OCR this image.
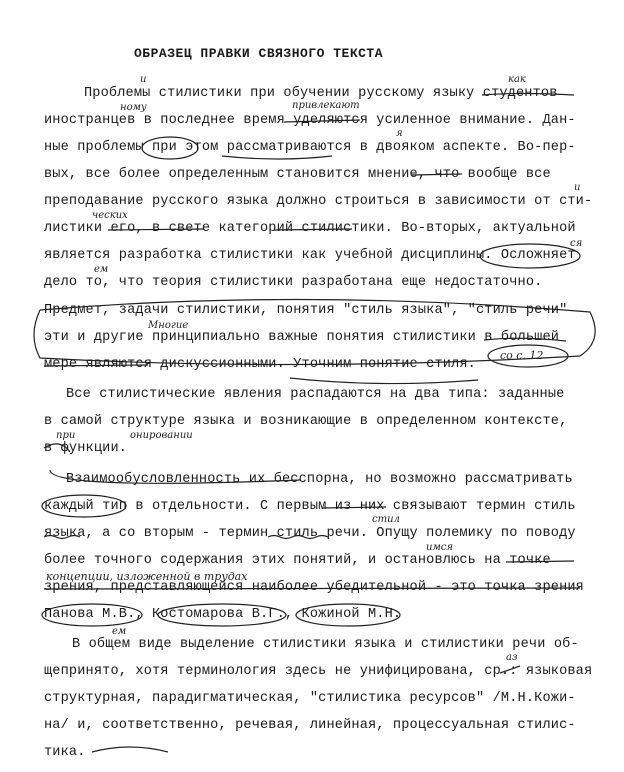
ОБРАЗЕЦ ПРАВКИ СВЯЗНОГО ТЕКСТА
Проблемы стилистики при обучении русскому языку студентов
иностранцев в последнее время уделяются усиленное внимание. Дан-
ные проблемы при этом рассматриваются в двояком аспекте. Во-пер-
вых, все более определенным становится мнение, что вообще все
преподавание русского языка должно строиться в зависимости от сти-
листики его, в свете категорий стилистики. Во-вторых, актуальной
является разработка стилистики как учебной дисциплины. Осложняет
дело то, что теория стилистики разработана еще недостаточно.
Предмет, задачи стилистики, понятия "стиль языка", "стиль речи"
эти и другие принципиально важные понятия стилистики в большей
мере являются дискуссионными. Уточним понятие стиля.
Все стилистические явления распадаются на два типа: заданные
в самой структуре языка и возникающие в определенном контексте,
в функции.
Взаимообусловленность их бесспорна, но возможно рассматривать
каждый тип в отдельности. С первым из них связывают термин стиль
языка, а со вторым - термин стиль речи. Опущу полемику по поводу
более точного содержания этих понятий, и остановлюсь на точке
зрения, представляющейся наиболее убедительной - это точка зрения
Панова М.В., Костомарова В.Г., Кожиной М.Н.
В общем виде выделение стилистики языка и стилистики речи об-
щепринято, хотя терминология здесь не унифицирована, ср.: языковая
структурная, парадигматическая, "стилистика ресурсов" /М.Н.Кожи-
на/ и, соответственно, речевая, линейная, процессуальная стилис-
тика.
и	как
привлекают
ному
я
и
ческих
ся
ем
Многие
со с. 12
при	онировании
стил
имся
концепции, изложенной в трудах
ем
аз
